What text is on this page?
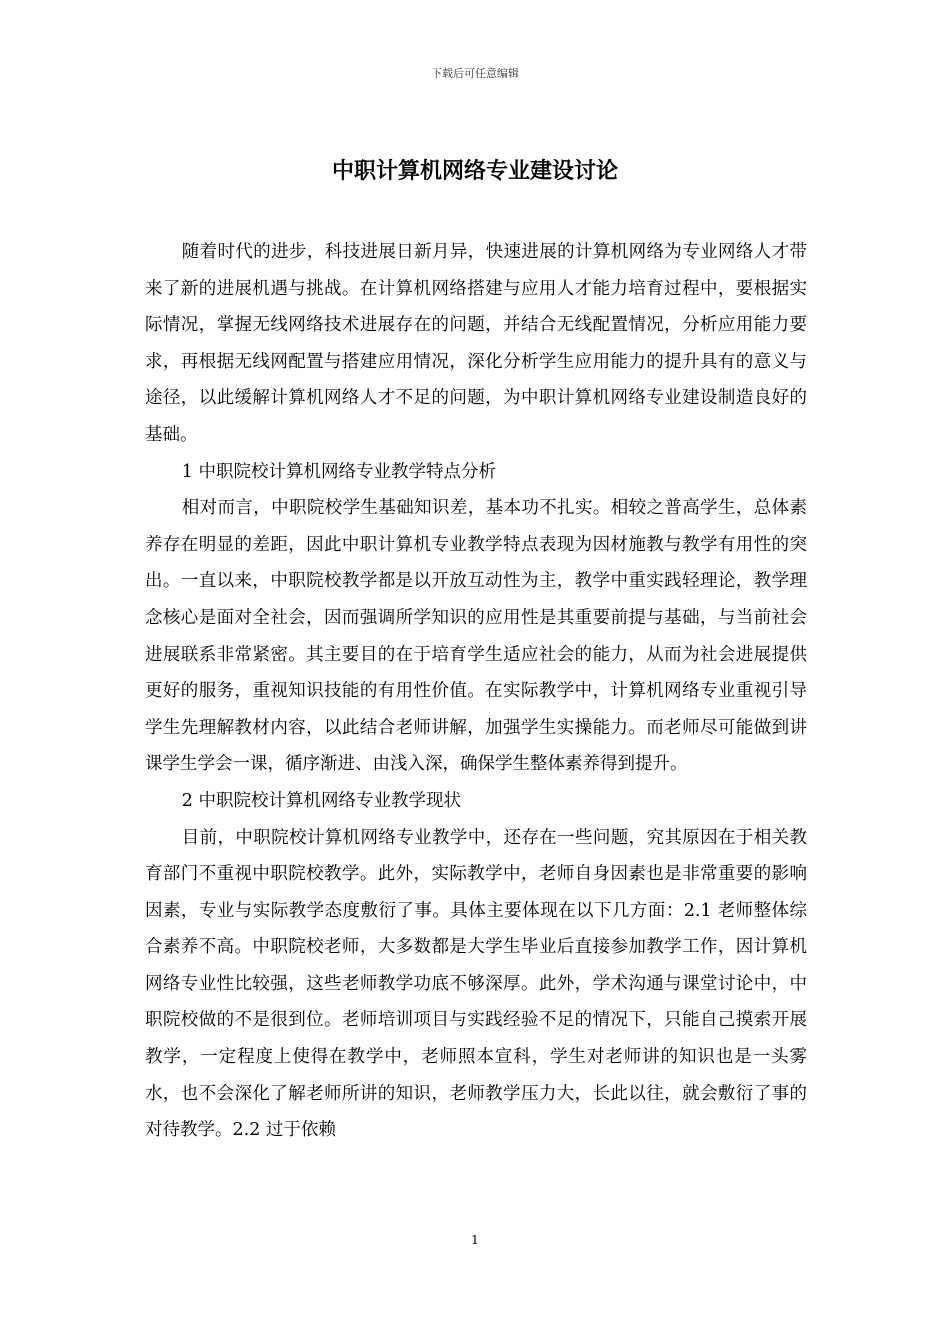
下载后可任意编辑
中职计算机网络专业建设讨论

随着时代的进步，科技进展日新月异，快速进展的计算机网络为专业网络人才带来了新的进展机遇与挑战。在计算机网络搭建与应用人才能力培育过程中，要根据实际情况，掌握无线网络技术进展存在的问题，并结合无线配置情况，分析应用能力要求，再根据无线网配置与搭建应用情况，深化分析学生应用能力的提升具有的意义与途径，以此缓解计算机网络人才不足的问题，为中职计算机网络专业建设制造良好的基础。

1 中职院校计算机网络专业教学特点分析

相对而言，中职院校学生基础知识差，基本功不扎实。相较之普高学生，总体素养存在明显的差距，因此中职计算机专业教学特点表现为因材施教与教学有用性的突出。一直以来，中职院校教学都是以开放互动性为主，教学中重实践轻理论，教学理念核心是面对全社会，因而强调所学知识的应用性是其重要前提与基础，与当前社会进展联系非常紧密。其主要目的在于培育学生适应社会的能力，从而为社会进展提供更好的服务，重视知识技能的有用性价值。在实际教学中，计算机网络专业重视引导学生先理解教材内容，以此结合老师讲解，加强学生实操能力。而老师尽可能做到讲课学生学会一课，循序渐进、由浅入深，确保学生整体素养得到提升。

2 中职院校计算机网络专业教学现状

目前，中职院校计算机网络专业教学中，还存在一些问题，究其原因在于相关教育部门不重视中职院校教学。此外，实际教学中，老师自身因素也是非常重要的影响因素，专业与实际教学态度敷衍了事。具体主要体现在以下几方面：2.1 老师整体综合素养不高。中职院校老师，大多数都是大学生毕业后直接参加教学工作，因计算机网络专业性比较强，这些老师教学功底不够深厚。此外，学术沟通与课堂讨论中，中职院校做的不是很到位。老师培训项目与实践经验不足的情况下，只能自己摸索开展教学，一定程度上使得在教学中，老师照本宣科，学生对老师讲的知识也是一头雾水，也不会深化了解老师所讲的知识，老师教学压力大，长此以往，就会敷衍了事的对待教学。2.2 过于依赖

1
